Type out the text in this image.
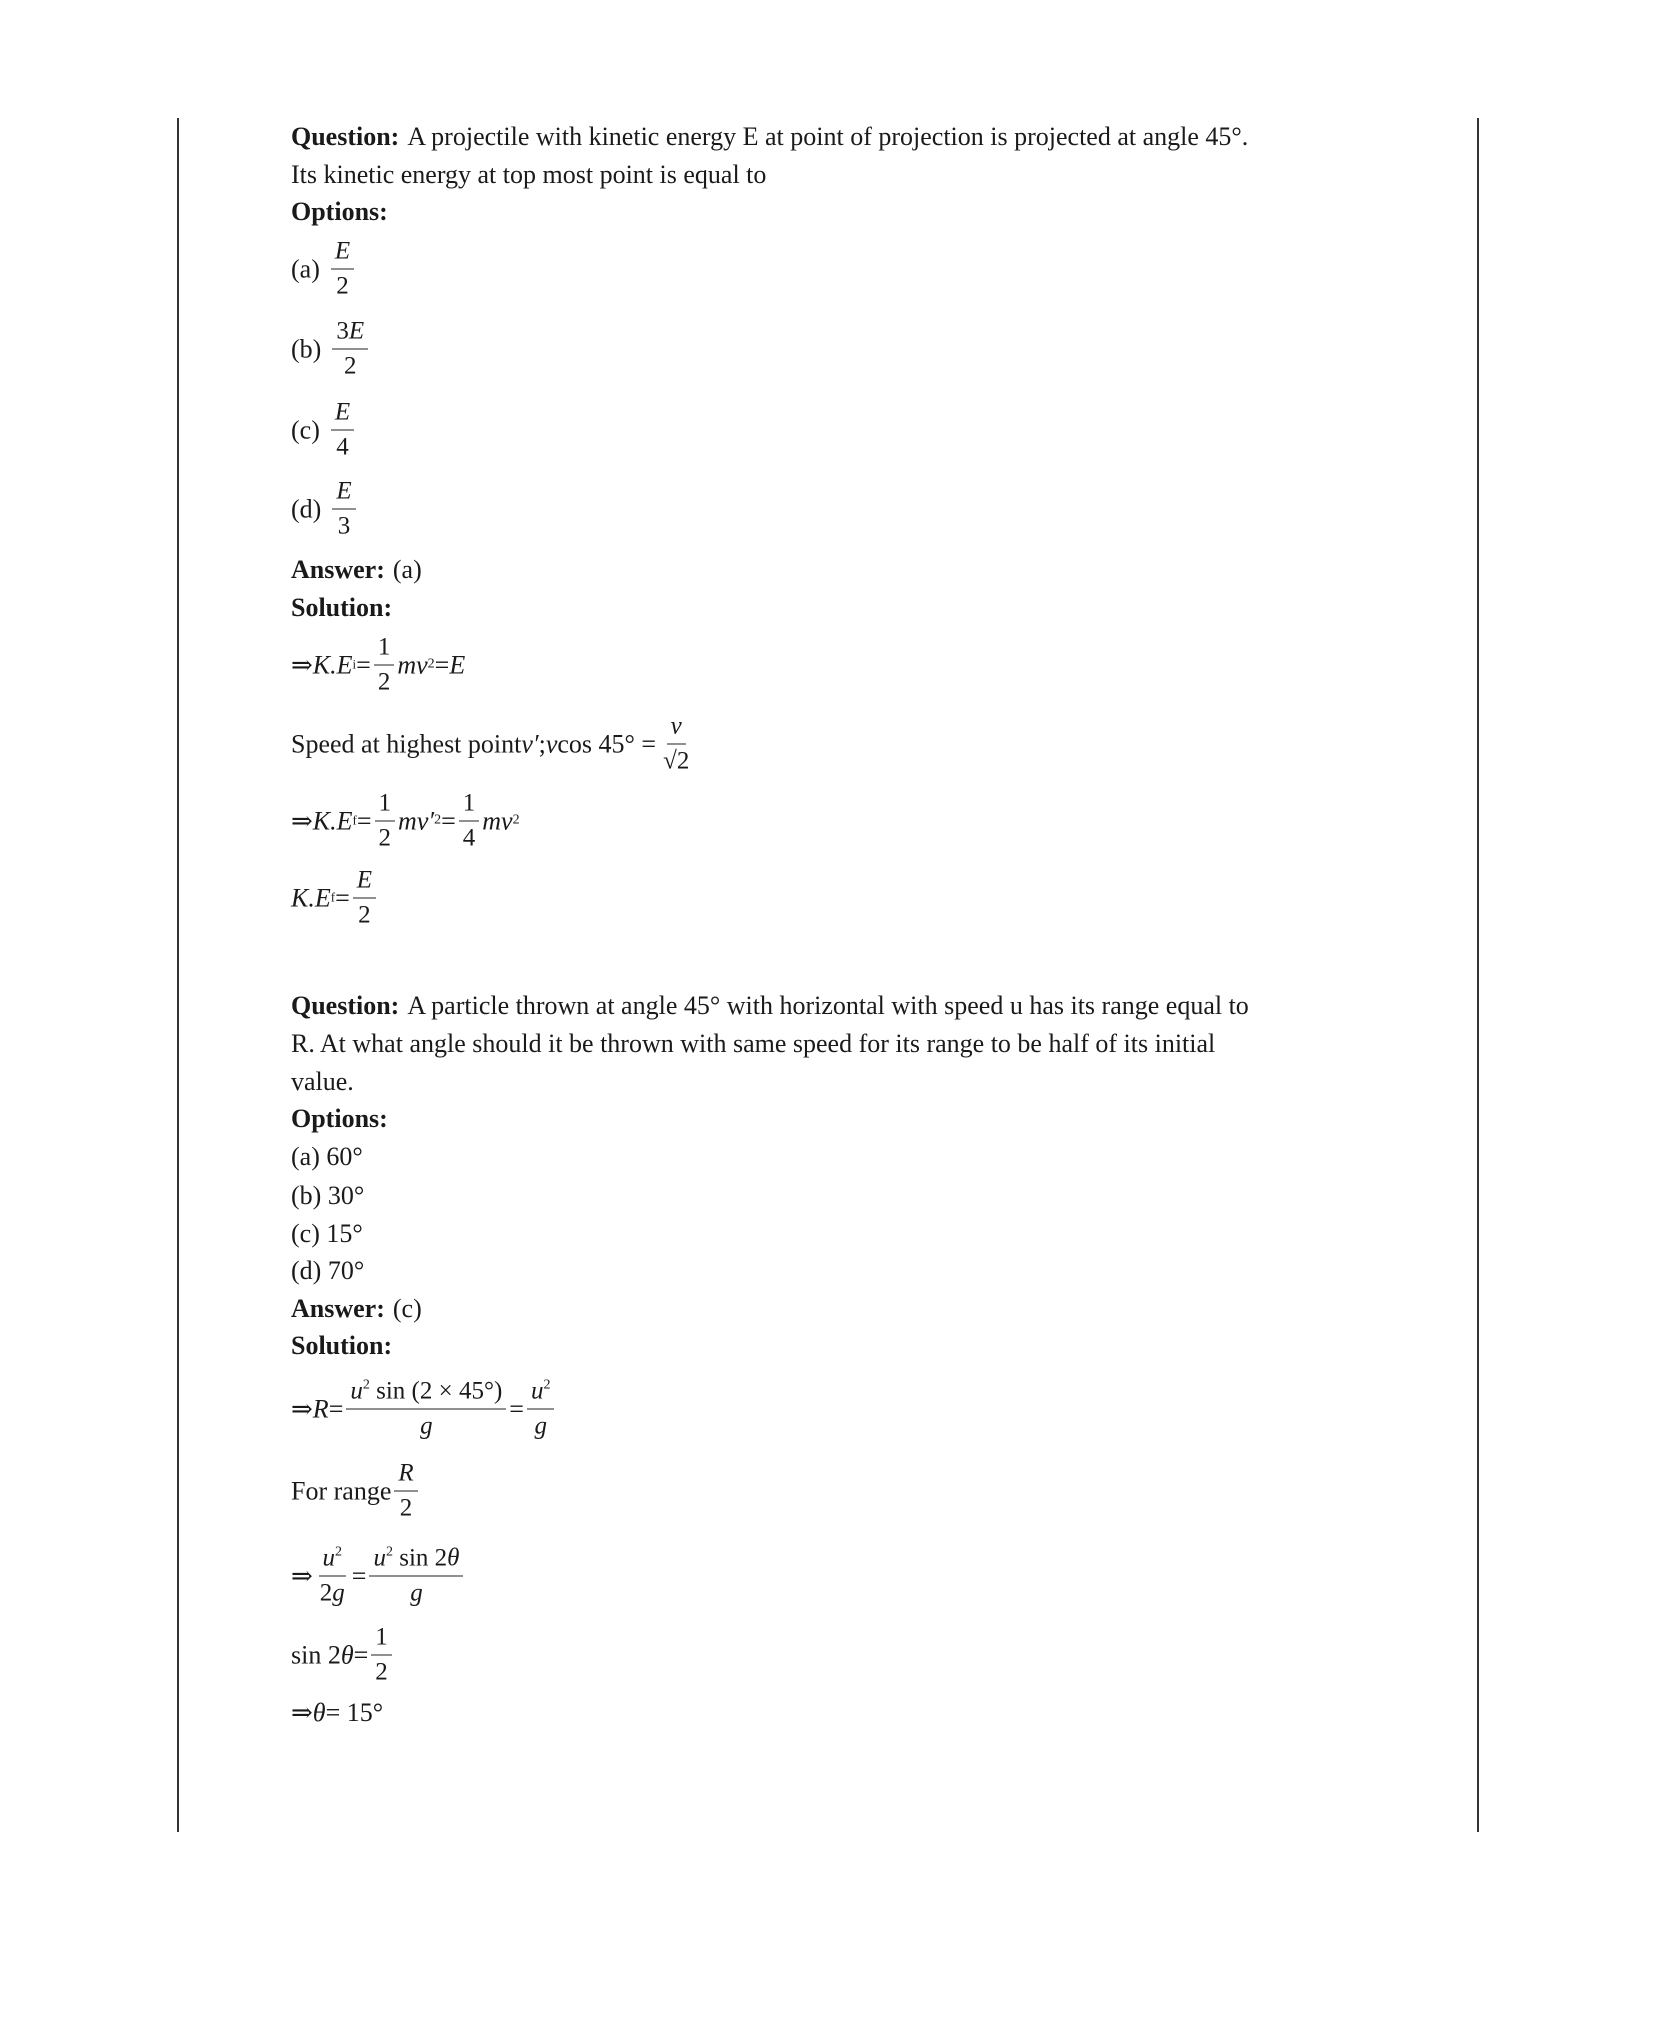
Question: A projectile with kinetic energy E at point of projection is projected at angle 45°.
Its kinetic energy at top most point is equal to
Options:
$(a) \frac{E}{2}$
$(b) \frac{3E}{2}$
$(c) \frac{E}{4}$
$(d) \frac{E}{3}$
Answer: (a)
Solution:
⇒ K.E $i = \frac{1}{2}$ mv 2 = E
Speed at highest point v′ ; v $\cos 45^\circ = \frac{v}{√2}$
⇒ K.E $f = \frac{1}{2} mv'$ $2 = \frac{1}{4}$ mv 2
K.E $f = \frac{E}{2}$
Question: A particle thrown at angle 45° with horizontal with speed u has its range equal to
R. At what angle should it be thrown with same speed for its range to be half of its initial
value.
Options:
(a)
60°
(b)
30°
(c)
15°
(d)
70°
Answer: (c)
Solution:
⇒ $R = \frac{u^2 \sin (2 \times 45^\circ)}{g} = \frac{u^2}{g}$
For range $\frac{R}{2}$
⇒ $\frac{u^2}{2g} = \frac{u^2 \sin 2\theta}{g}$
sin 2 $\theta = \frac{1}{2}$
⇒ θ = 15°
